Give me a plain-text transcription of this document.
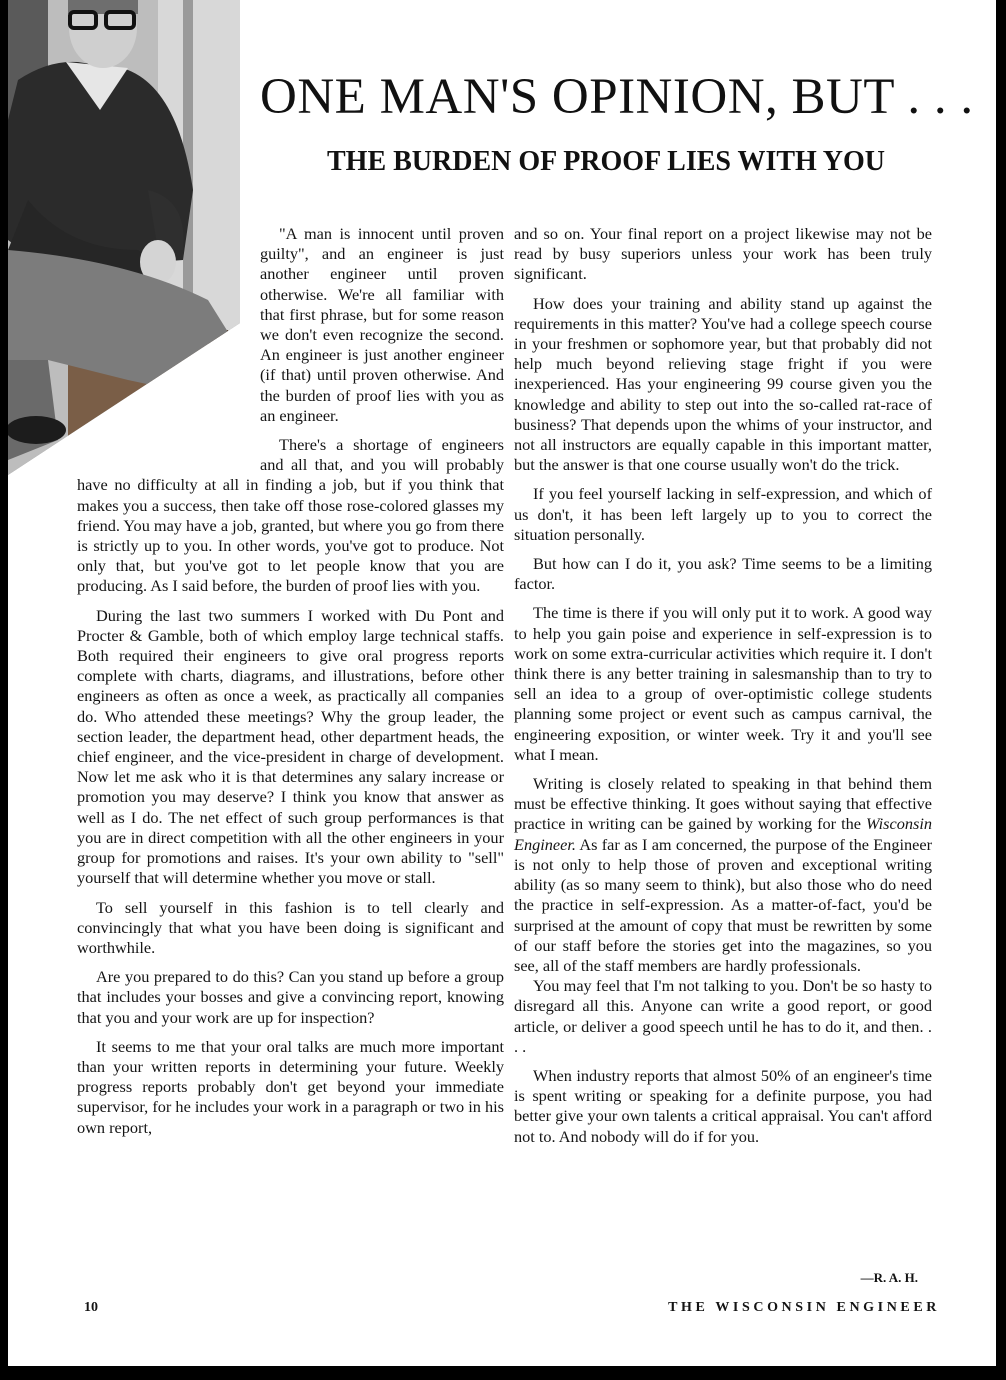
ONE MAN'S OPINION, BUT . . .
THE BURDEN OF PROOF LIES WITH YOU

"A man is innocent until proven guilty", and an engineer is just another engineer until proven otherwise. We're all familiar with that first phrase, but for some reason we don't even recognize the second. An engineer is just another engineer (if that) until proven otherwise. And the burden of proof lies with you as an engineer.

There's a shortage of engineers and all that, and you will probably have no difficulty at all in finding a job, but if you think that makes you a success, then take off those rose-colored glasses my friend. You may have a job, granted, but where you go from there is strictly up to you. In other words, you've got to produce. Not only that, but you've got to let people know that you are producing. As I said before, the burden of proof lies with you.

During the last two summers I worked with Du Pont and Procter & Gamble, both of which employ large technical staffs. Both required their engineers to give oral progress reports complete with charts, diagrams, and illustrations, before other engineers as often as once a week, as practically all companies do. Who attended these meetings? Why the group leader, the section leader, the department head, other department heads, the chief engineer, and the vice-president in charge of development. Now let me ask who it is that determines any salary increase or promotion you may deserve? I think you know that answer as well as I do. The net effect of such group performances is that you are in direct competition with all the other engineers in your group for promotions and raises. It's your own ability to "sell" yourself that will determine whether you move or stall.

To sell yourself in this fashion is to tell clearly and convincingly that what you have been doing is significant and worthwhile.

Are you prepared to do this? Can you stand up before a group that includes your bosses and give a convincing report, knowing that you and your work are up for inspection?

It seems to me that your oral talks are much more important than your written reports in determining your future. Weekly progress reports probably don't get beyond your immediate supervisor, for he includes your work in a paragraph or two in his own report,

and so on. Your final report on a project likewise may not be read by busy superiors unless your work has been truly significant.

How does your training and ability stand up against the requirements in this matter? You've had a college speech course in your freshmen or sophomore year, but that probably did not help much beyond relieving stage fright if you were inexperienced. Has your engineering 99 course given you the knowledge and ability to step out into the so-called rat-race of business? That depends upon the whims of your instructor, and not all instructors are equally capable in this important matter, but the answer is that one course usually won't do the trick.

If you feel yourself lacking in self-expression, and which of us don't, it has been left largely up to you to correct the situation personally.

But how can I do it, you ask? Time seems to be a limiting factor.

The time is there if you will only put it to work. A good way to help you gain poise and experience in self-expression is to work on some extra-curricular activities which require it. I don't think there is any better training in salesmanship than to try to sell an idea to a group of over-optimistic college students planning some project or event such as campus carnival, the engineering exposition, or winter week. Try it and you'll see what I mean.

Writing is closely related to speaking in that behind them must be effective thinking. It goes without saying that effective practice in writing can be gained by working for the Wisconsin Engineer. As far as I am concerned, the purpose of the Engineer is not only to help those of proven and exceptional writing ability (as so many seem to think), but also those who do need the practice in self-expression. As a matter-of-fact, you'd be surprised at the amount of copy that must be rewritten by some of our staff before the stories get into the magazines, so you see, all of the staff members are hardly professionals.

You may feel that I'm not talking to you. Don't be so hasty to disregard all this. Anyone can write a good report, or good article, or deliver a good speech until he has to do it, and then. . . .

When industry reports that almost 50% of an engineer's time is spent writing or speaking for a definite purpose, you had better give your own talents a critical appraisal. You can't afford not to. And nobody will do if for you.

—R. A. H.
10	THE WISCONSIN ENGINEER
